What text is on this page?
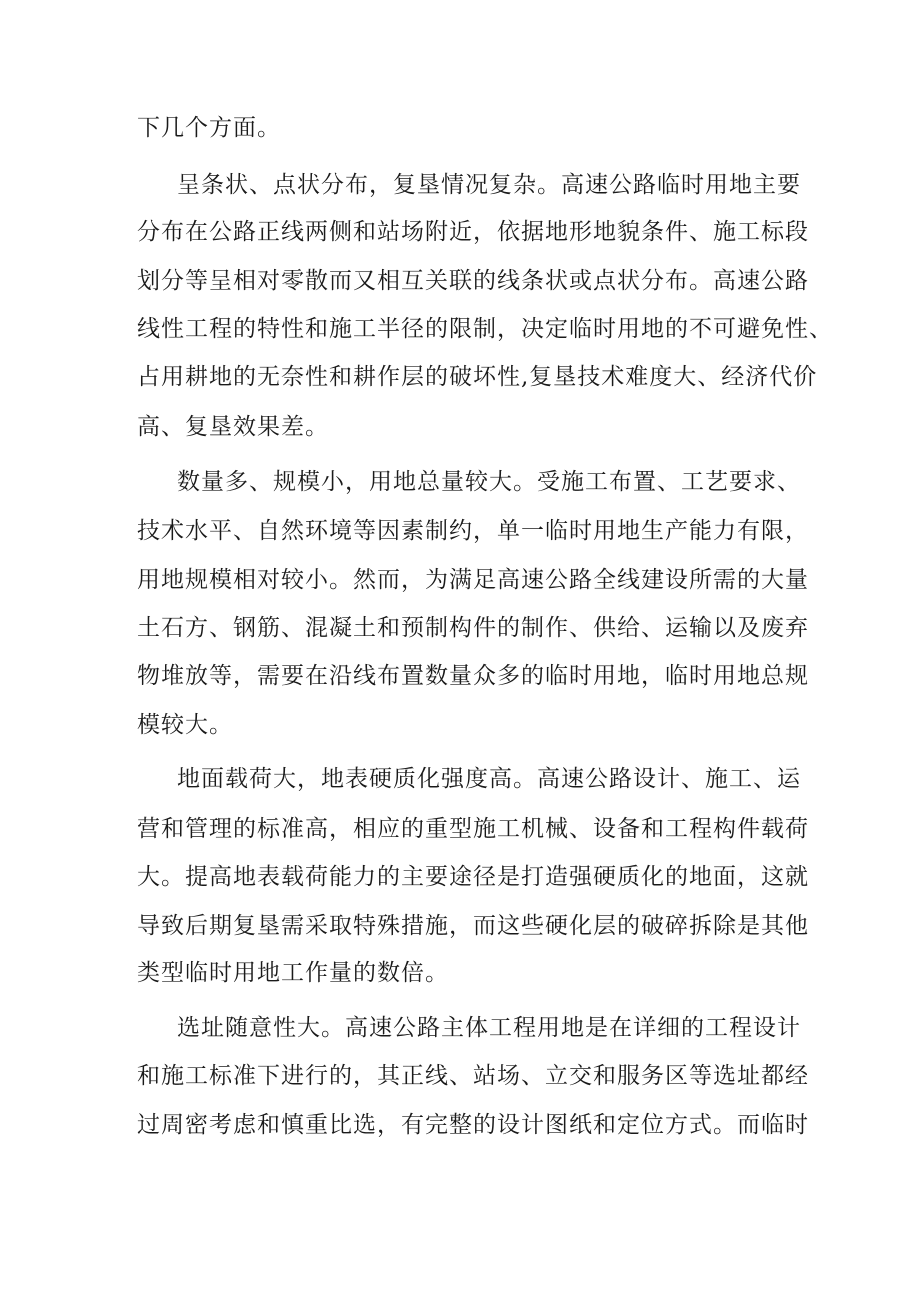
下几个方面。
呈条状、点状分布，复垦情况复杂。高速公路临时用地主要
分布在公路正线两侧和站场附近，依据地形地貌条件、施工标段
划分等呈相对零散而又相互关联的线条状或点状分布。高速公路
线性工程的特性和施工半径的限制，决定临时用地的不可避免性、
占用耕地的无奈性和耕作层的破坏性,复垦技术难度大、经济代价
高、复垦效果差。
数量多、规模小，用地总量较大。受施工布置、工艺要求、
技术水平、自然环境等因素制约，单一临时用地生产能力有限，
用地规模相对较小。然而，为满足高速公路全线建设所需的大量
土石方、钢筋、混凝土和预制构件的制作、供给、运输以及废弃
物堆放等，需要在沿线布置数量众多的临时用地，临时用地总规
模较大。
地面载荷大，地表硬质化强度高。高速公路设计、施工、运
营和管理的标准高，相应的重型施工机械、设备和工程构件载荷
大。提高地表载荷能力的主要途径是打造强硬质化的地面，这就
导致后期复垦需采取特殊措施，而这些硬化层的破碎拆除是其他
类型临时用地工作量的数倍。
选址随意性大。高速公路主体工程用地是在详细的工程设计
和施工标准下进行的，其正线、站场、立交和服务区等选址都经
过周密考虑和慎重比选，有完整的设计图纸和定位方式。而临时
